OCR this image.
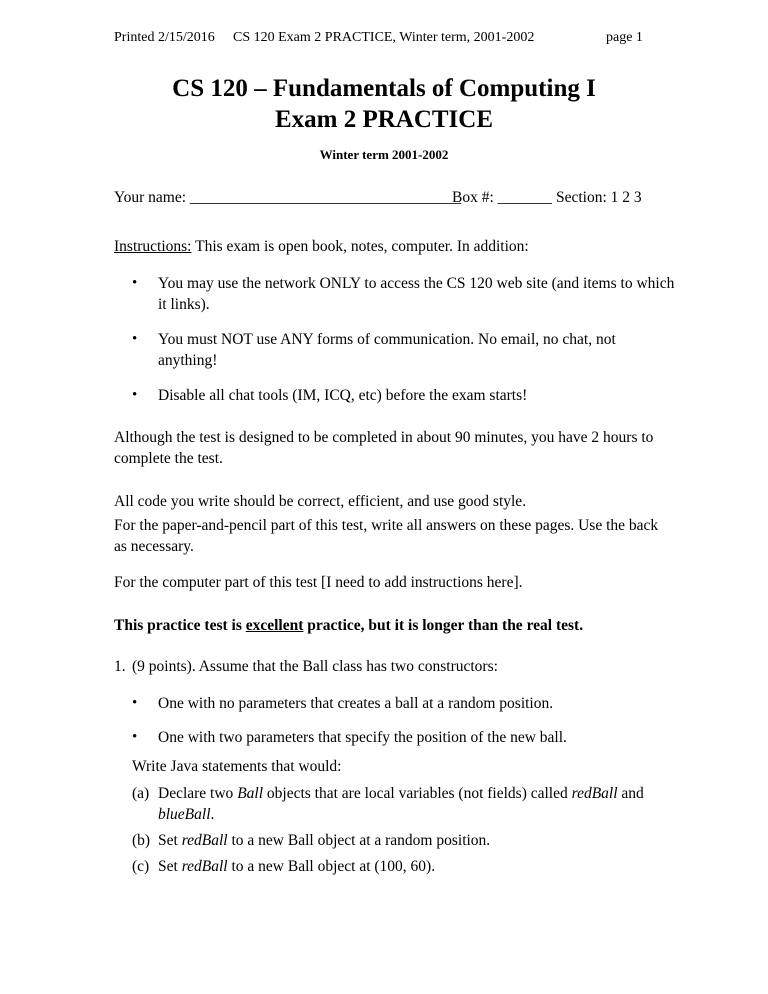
Printed 2/15/2016 CS 120 Exam 2 PRACTICE, Winter term, 2001-2002	page 1
CS 120 – Fundamentals of Computing I
Exam 2 PRACTICE
Winter term 2001-2002
Your name: ___________________________________
Box #: _______ Section: 1 2 3
Instructions: This exam is open book, notes, computer. In addition:
• You may use the network ONLY to access the CS 120 web site (and items to which it links).
• You must NOT use ANY forms of communication. No email, no chat, not anything!
• Disable all chat tools (IM, ICQ, etc) before the exam starts!
Although the test is designed to be completed in about 90 minutes, you have 2 hours to complete the test.
All code you write should be correct, efficient, and use good style.
For the paper-and-pencil part of this test, write all answers on these pages. Use the back as necessary.
For the computer part of this test [I need to add instructions here].
This practice test is excellent practice, but it is longer than the real test.
1. (9 points). Assume that the Ball class has two constructors:
• One with no parameters that creates a ball at a random position.
• One with two parameters that specify the position of the new ball.
Write Java statements that would:
(a) Declare two Ball objects that are local variables (not fields) called redBall and blueBall.
(b) Set redBall to a new Ball object at a random position.
(c) Set redBall to a new Ball object at (100, 60).
